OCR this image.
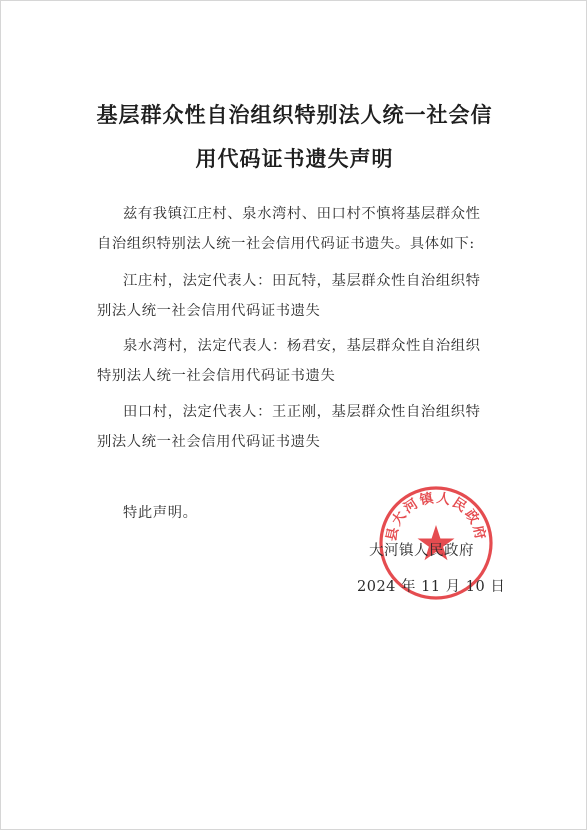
基层群众性自治组织特别法人统一社会信
用代码证书遗失声明
兹有我镇江庄村、泉水湾村、田口村不慎将基层群众性
自治组织特别法人统一社会信用代码证书遗失。具体如下:
江庄村，法定代表人：田瓦特，基层群众性自治组织特
别法人统一社会信用代码证书遗失
泉水湾村，法定代表人：杨君安，基层群众性自治组织
特别法人统一社会信用代码证书遗失
田口村，法定代表人：王正刚，基层群众性自治组织特
别法人统一社会信用代码证书遗失
特此声明。
县大河镇人民政府
大河镇人民政府
2024 年 11 月 10 日
